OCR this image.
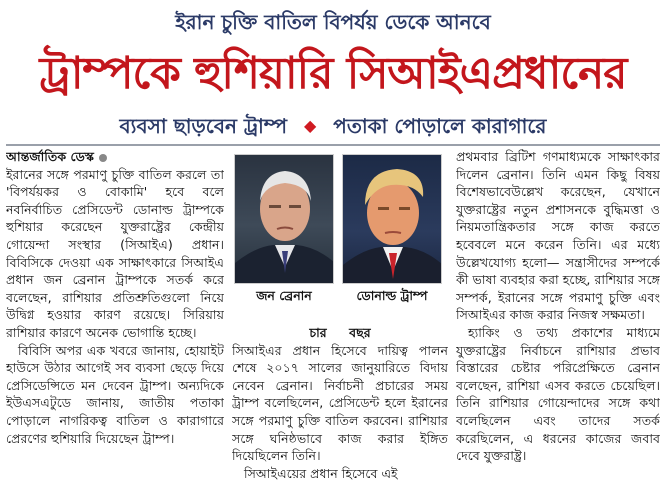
ইরান চুক্তি বাতিল বিপর্যয় ডেকে আনবে
ট্রাম্পকে হুশিয়ারি সিআইএপ্রধানের
ব্যবসা ছাড়বেন ট্রাম্প ◆ পতাকা পোড়ালে কারাগারে

আন্তর্জাতিক ডেস্ক

ইরানের সঙ্গে পরমাণু চুক্তি বাতিল করলে তা 'বিপর্যয়কর ও বোকামি' হবে বলে নবনির্বাচিত প্রেসিডেন্ট ডোনাল্ড ট্রাম্পকে হুশিয়ার করেছেন যুক্তরাষ্ট্রের কেন্দ্রীয় গোয়েন্দা সংস্থার (সিআইএ) প্রধান। বিবিসিকে দেওয়া এক সাক্ষাৎকারে সিআইএ প্রধান জন ব্রেনান ট্রাম্পকে সতর্ক করে বলেছেন, রাশিয়ার প্রতিশ্রুতিগুলো নিয়ে উদ্বিগ্ন হওয়ার কারণ রয়েছে। সিরিয়ায় রাশিয়ার কারণে অনেক ভোগান্তি হচ্ছে।

বিবিসি অপর এক খবরে জানায়, হোয়াইট হাউসে উঠার আগেই সব ব্যবসা ছেড়ে দিয়ে প্রেসিডেন্সিতে মন দেবেন ট্রাম্প। অন্যদিকে ইউএসএটুডে জানায়, জাতীয় পতাকা পোড়ালে নাগরিকত্ব বাতিল ও কারাগারে প্রেরণের হুশিয়ারি দিয়েছেন ট্রাম্প।

জন ব্রেনান	ডোনাল্ড ট্রাম্প

চার বছর

সিআইএর প্রধান হিসেবে দায়িত্ব পালন শেষে ২০১৭ সালের জানুয়ারিতে বিদায় নেবেন ব্রেনান। নির্বাচনী প্রচারের সময় ট্রাম্প বলেছিলেন, প্রেসিডেন্ট হলে ইরানের সঙ্গে পরমাণু চুক্তি বাতিল করবেন। রাশিয়ার সঙ্গে ঘনিষ্ঠভাবে কাজ করার ইঙ্গিত দিয়েছিলেন তিনি।

সিআইএয়ের প্রধান হিসেবে এই

প্রথমবার ব্রিটিশ গণমাধ্যমকে সাক্ষাৎকার দিলেন ব্রেনান। তিনি এমন কিছু বিষয় বিশেষভাবেউল্লেখ করেছেন, যেখানে যুক্তরাষ্ট্রের নতুন প্রশাসনকে বুদ্ধিমত্তা ও নিয়মতান্ত্রিকতার সঙ্গে কাজ করতে হবেবলে মনে করেন তিনি। এর মধ্যে উল্লেখযোগ্য হলো— সন্ত্রাসীদের সম্পর্কে কী ভাষা ব্যবহার করা হচ্ছে, রাশিয়ার সঙ্গে সম্পর্ক, ইরানের সঙ্গে পরমাণু চুক্তি এবং সিআইএর কাজ করার নিজস্ব সক্ষমতা।

হ্যাকিং ও তথ্য প্রকাশের মাধ্যমে যুক্তরাষ্ট্রের নির্বাচনে রাশিয়ার প্রভাব বিস্তারের চেষ্টার পরিপ্রেক্ষিতে ব্রেনান বলেছেন, রাশিয়া এসব করতে চেয়েছিল। তিনি রাশিয়ার গোয়েন্দাদের সঙ্গে কথা বলেছিলেন এবং তাদের সতর্ক করেছিলেন, এ ধরনের কাজের জবাব দেবে যুক্তরাষ্ট্র।
